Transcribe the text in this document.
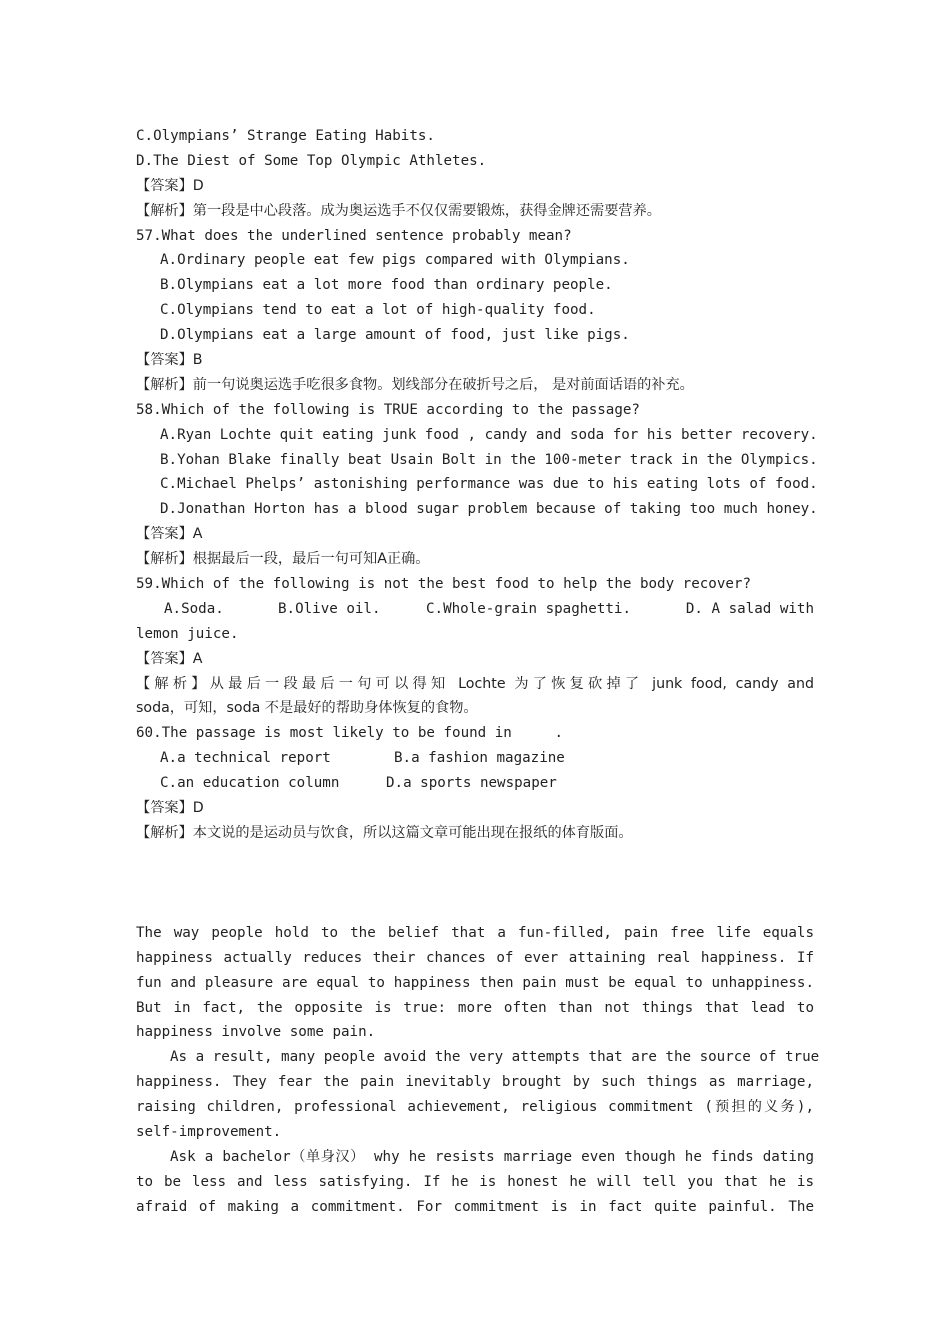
C.Olympians’ Strange Eating Habits.
D.The Diest of Some Top Olympic Athletes.
【答案】D
【解析】第一段是中心段落。成为奥运选手不仅仅需要锻炼，获得金牌还需要营养。
57.What does the underlined sentence probably mean?
A.Ordinary people eat few pigs compared with Olympians.
B.Olympians eat a lot more food than ordinary people.
C.Olympians tend to eat a lot of high-quality food.
D.Olympians eat a large amount of food, just like pigs.
【答案】B
【解析】前一句说奥运选手吃很多食物。划线部分在破折号之后， 是对前面话语的补充。
58.Which of the following is TRUE according to the passage?
A.Ryan Lochte quit eating junk food , candy and soda for his better recovery.
B.Yohan Blake finally beat Usain Bolt in the 100-meter track in the Olympics.
C.Michael Phelps’ astonishing performance was due to his eating lots of food.
D.Jonathan Horton has a blood sugar problem because of taking too much honey.
【答案】A
【解析】根据最后一段，最后一句可知A正确。
59.Which of the following is not the best food to help the body recover?
A.Soda.	B.Olive oil.	C.Whole-grain spaghetti.	D. A salad with
lemon juice.
【答案】A
【解析】从最后一段最后一句可以得知 Lochte 为了恢复砍掉了 junk food, candy and
soda，可知，soda 不是最好的帮助身体恢复的食物。
60.The passage is most likely to be found in     .
A.a technical report	B.a fashion magazine
C.an education column	D.a sports newspaper
【答案】D
【解析】本文说的是运动员与饮食，所以这篇文章可能出现在报纸的体育版面。
The way people hold to the belief that a fun-filled, pain free life equals
happiness actually reduces their chances of ever attaining real happiness. If
fun and pleasure are equal to happiness then pain must be equal to unhappiness.
But in fact, the opposite is true: more often than not things that lead to
happiness involve some pain.
As a result, many people avoid the very attempts that are the source of true
happiness. They fear the pain inevitably brought by such things as marriage,
raising children, professional achievement, religious commitment (预担的义务),
self-improvement.
Ask a bachelor（单身汉） why he resists marriage even though he finds dating
to be less and less satisfying. If he is honest he will tell you that he is
afraid of making a commitment. For commitment is in fact quite painful. The
